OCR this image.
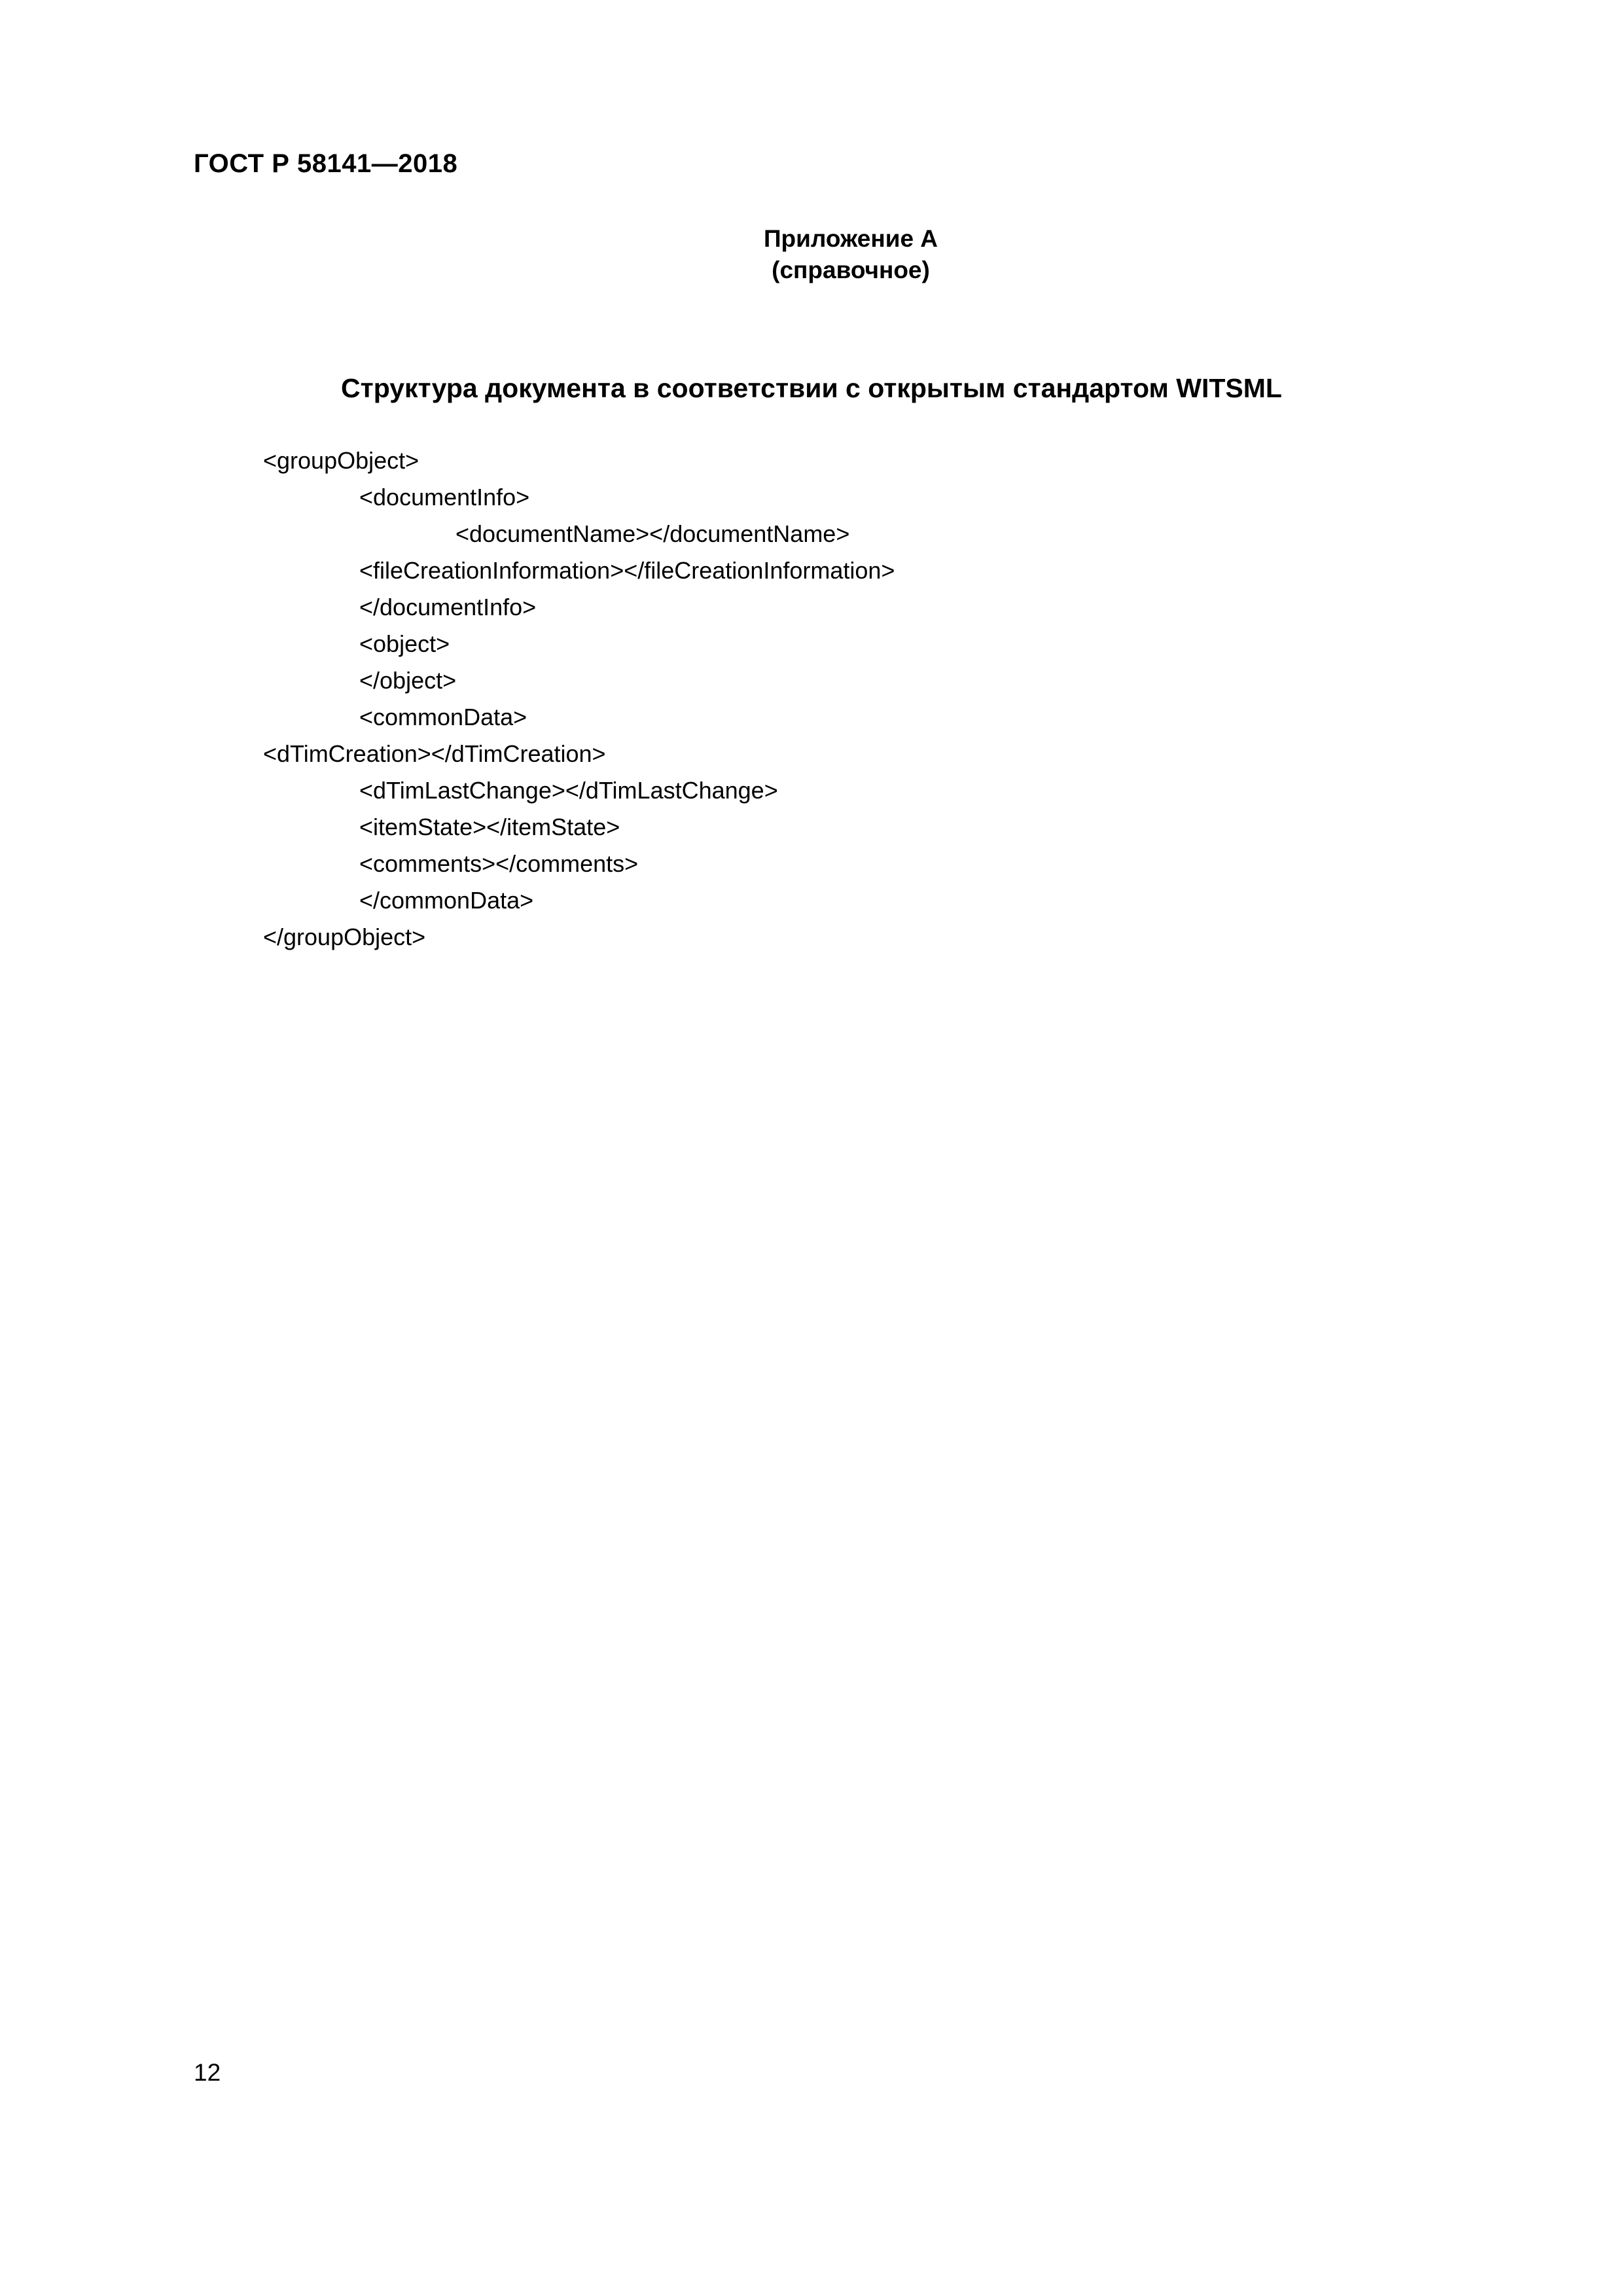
ГОСТ Р 58141—2018
Приложение А
(справочное)
Структура документа в соответствии с открытым стандартом WITSML
<groupObject>
<documentInfo>
<documentName></documentName>
<fileCreationInformation></fileCreationInformation>
</documentInfo>
<object>
</object>
<commonData>
<dTimCreation></dTimCreation>
<dTimLastChange></dTimLastChange>
<itemState></itemState>
<comments></comments>
</commonData>
</groupObject>
12
